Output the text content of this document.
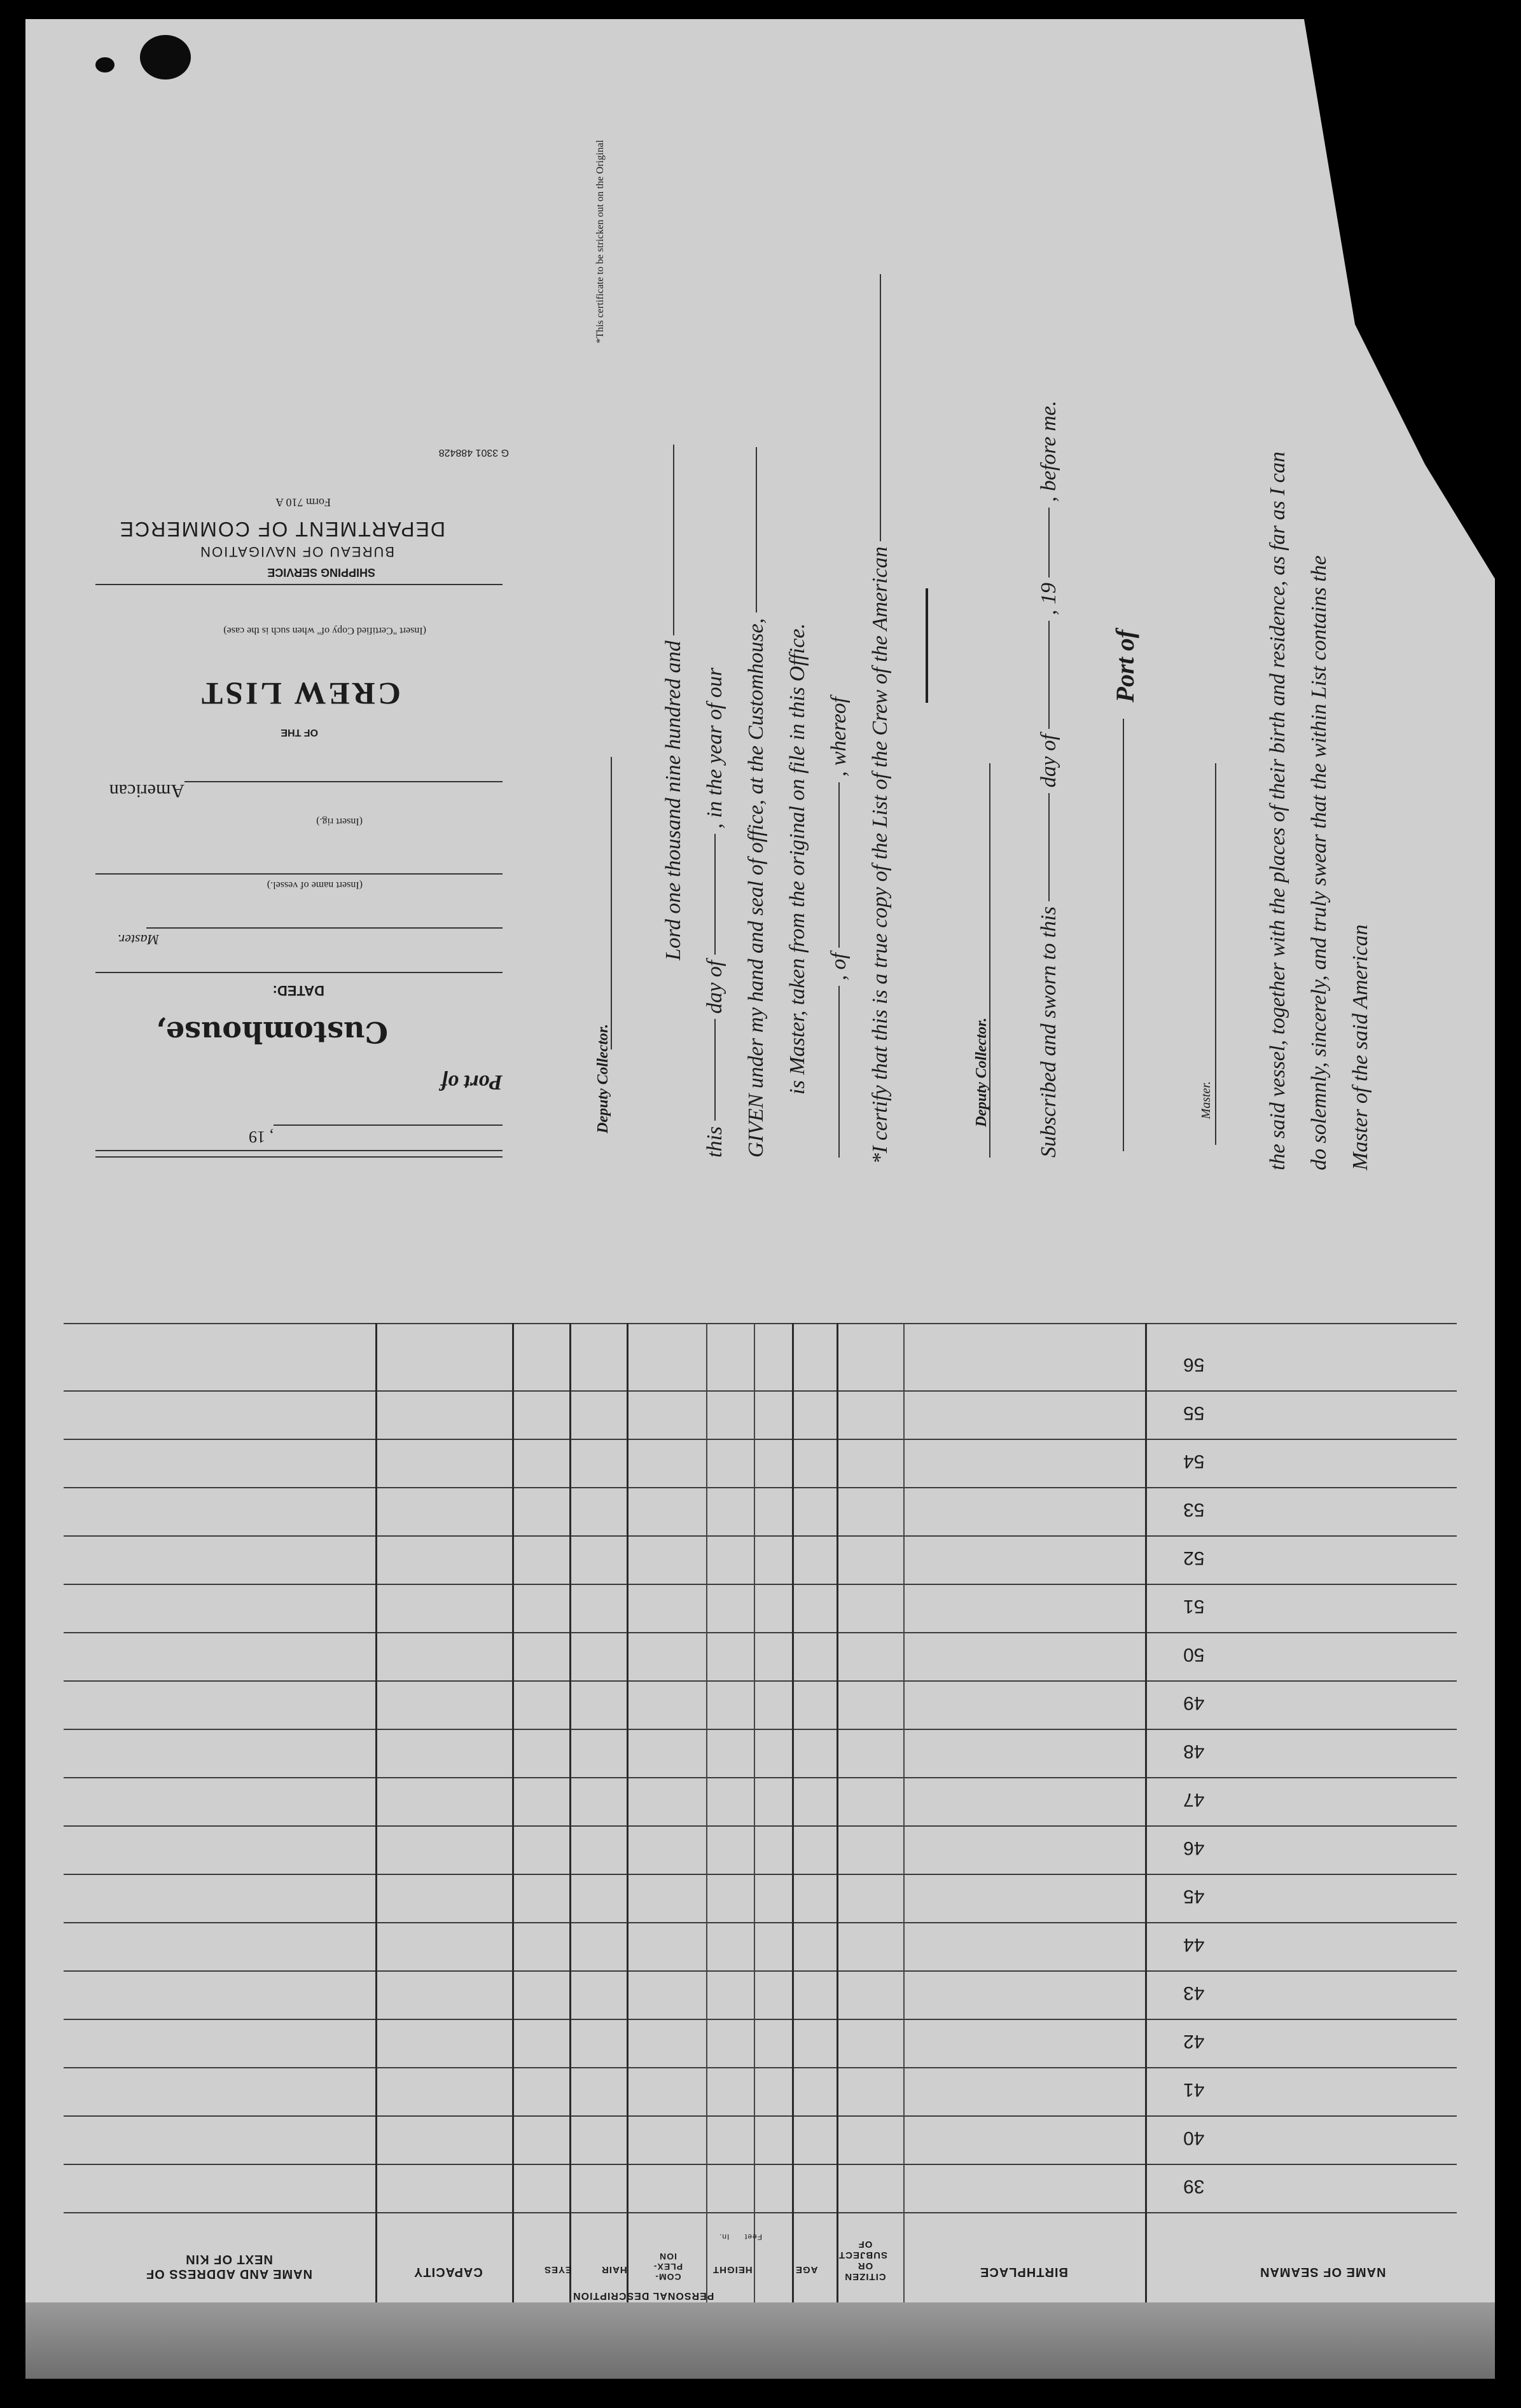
Master of the said American
do solemnly, sincerely, and truly swear that the within List contains the
the said vessel, together with the places of their birth and residence, as far as I can
Master.
Port of
Subscribed and sworn to this  day of  , 19  , before me.
Deputy Collector.
*I certify that this is a true copy of the List of the Crew of the American
, of  , whereof
is Master, taken from the original on file in this Office.
GIVEN under my hand and seal of office, at the Customhouse,
this  day of  , in the year of our
Lord one thousand nine hundred and
Deputy Collector.
*This certificate to be stricken out on the Original
, 19
Port of
Customhouse,
DATED:
Master.
(Insert name of vessel.)
(Insert rig.)
American
OF THE
CREW LIST
(Insert "Certified Copy of" when such is the case)
SHIPPING SERVICE
BUREAU OF NAVIGATION
DEPARTMENT OF COMMERCE
Form 710 A
G 3301 488428
56
55
54
53
52
51
50
49
48
47
46
45
44
43
42
41
40
39
NAME OF SEAMAN
BIRTHPLACE
CITIZEN OR SUBJECT OF
AGE
HEIGHT
Feet
In.
COM-PLEX-ION
HAIR
EYES
PERSONAL DESCRIPTION
CAPACITY
NAME AND ADDRESS OF NEXT OF KIN
